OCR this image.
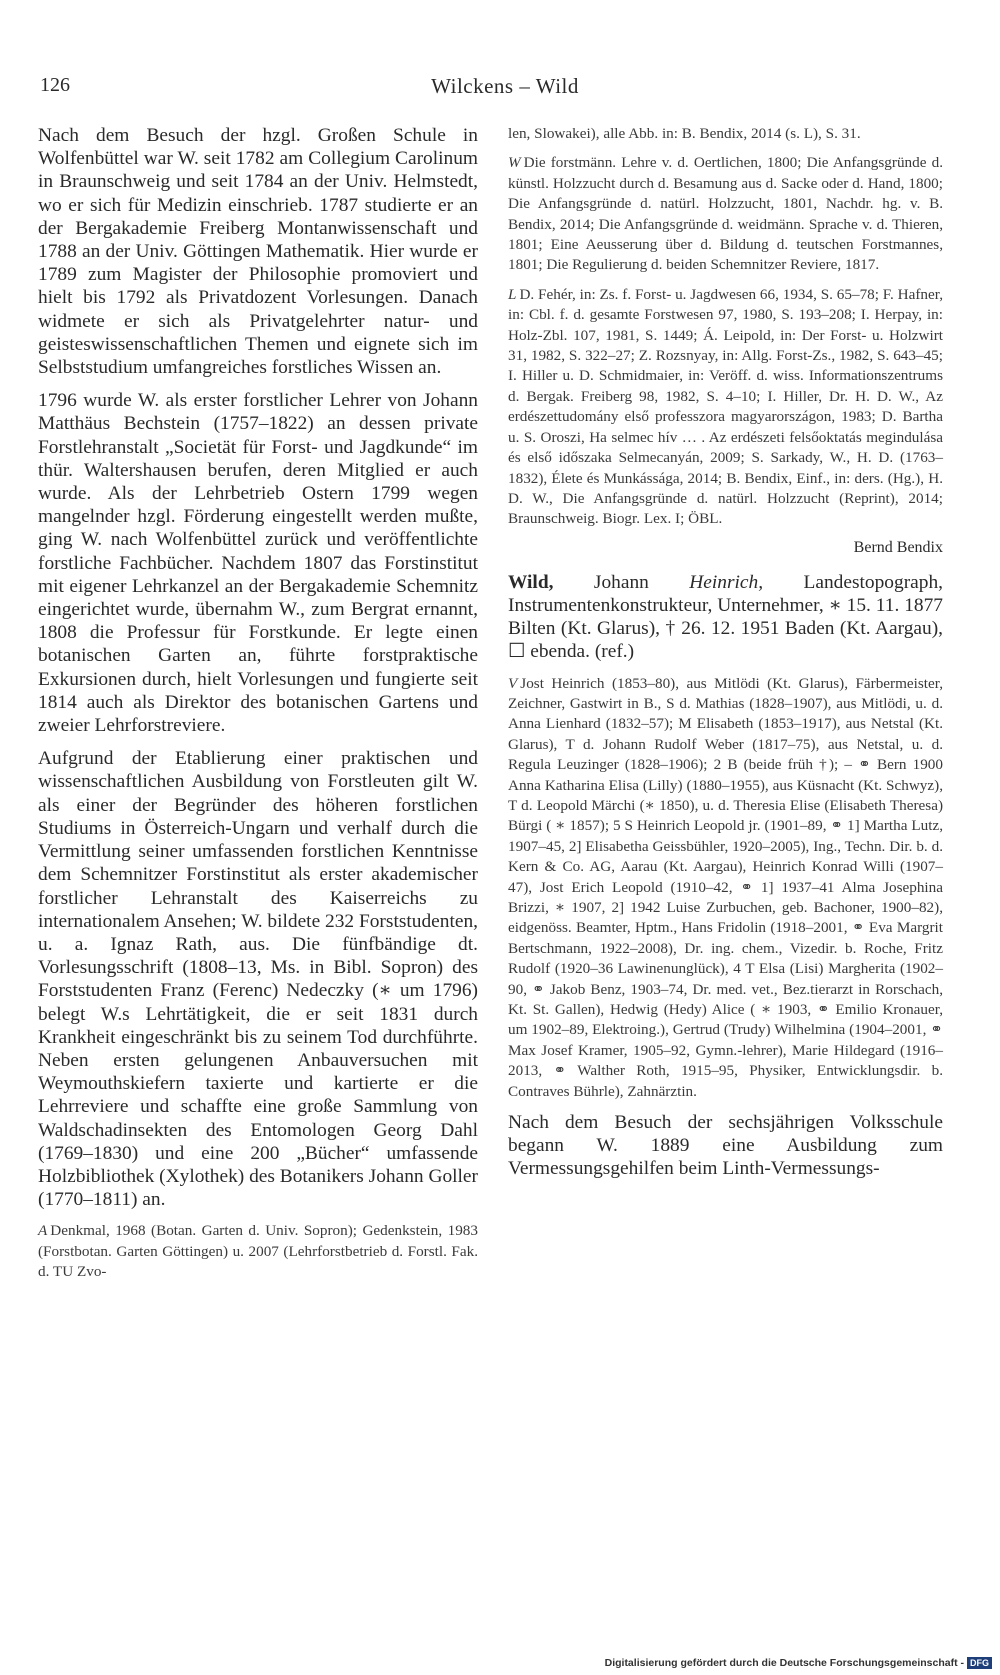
126	Wilckens – Wild

Nach dem Besuch der hzgl. Großen Schule in Wolfenbüttel war W. seit 1782 am Collegium Carolinum in Braunschweig und seit 1784 an der Univ. Helmstedt, wo er sich für Medizin einschrieb. 1787 studierte er an der Bergakademie Freiberg Montanwissenschaft und 1788 an der Univ. Göttingen Mathematik. Hier wurde er 1789 zum Magister der Philosophie promoviert und hielt bis 1792 als Privatdozent Vorlesungen. Danach widmete er sich als Privatgelehrter natur- und geisteswissenschaftlichen Themen und eignete sich im Selbststudium umfangreiches forstliches Wissen an.

1796 wurde W. als erster forstlicher Lehrer von Johann Matthäus Bechstein (1757–1822) an dessen private Forstlehranstalt „Societät für Forst- und Jagdkunde“ im thür. Waltershausen berufen, deren Mitglied er auch wurde. Als der Lehrbetrieb Ostern 1799 wegen mangelnder hzgl. Förderung eingestellt werden mußte, ging W. nach Wolfenbüttel zurück und veröffentlichte forstliche Fachbücher. Nachdem 1807 das Forstinstitut mit eigener Lehrkanzel an der Bergakademie Schemnitz eingerichtet wurde, übernahm W., zum Bergrat ernannt, 1808 die Professur für Forstkunde. Er legte einen botanischen Garten an, führte forstpraktische Exkursionen durch, hielt Vorlesungen und fungierte seit 1814 auch als Direktor des botanischen Gartens und zweier Lehrforstreviere.

Aufgrund der Etablierung einer praktischen und wissenschaftlichen Ausbildung von Forstleuten gilt W. als einer der Begründer des höheren forstlichen Studiums in Österreich-Ungarn und verhalf durch die Vermittlung seiner umfassenden forstlichen Kenntnisse dem Schemnitzer Forstinstitut als erster akademischer forstlicher Lehranstalt des Kaiserreichs zu internationalem Ansehen; W. bildete 232 Forststudenten, u. a. Ignaz Rath, aus. Die fünfbändige dt. Vorlesungsschrift (1808–13, Ms. in Bibl. Sopron) des Forststudenten Franz (Ferenc) Nedeczky (∗ um 1796) belegt W.s Lehrtätigkeit, die er seit 1831 durch Krankheit eingeschränkt bis zu seinem Tod durchführte. Neben ersten gelungenen Anbauversuchen mit Weymouthskiefern taxierte und kartierte er die Lehrreviere und schaffte eine große Sammlung von Waldschadinsekten des Entomologen Georg Dahl (1769–1830) und eine 200 „Bücher“ umfassende Holzbibliothek (Xylothek) des Botanikers Johann Goller (1770–1811) an.

A Denkmal, 1968 (Botan. Garten d. Univ. Sopron); Gedenkstein, 1983 (Forstbotan. Garten Göttingen) u. 2007 (Lehrforstbetrieb d. Forstl. Fak. d. TU Zvo-

len, Slowakei), alle Abb. in: B. Bendix, 2014 (s. L), S. 31.

W Die forstmänn. Lehre v. d. Oertlichen, 1800; Die Anfangsgründe d. künstl. Holzzucht durch d. Besamung aus d. Sacke oder d. Hand, 1800; Die Anfangsgründe d. natürl. Holzzucht, 1801, Nachdr. hg. v. B. Bendix, 2014; Die Anfangsgründe d. weidmänn. Sprache v. d. Thieren, 1801; Eine Aeusserung über d. Bildung d. teutschen Forstmannes, 1801; Die Regulierung d. beiden Schemnitzer Reviere, 1817.

L D. Fehér, in: Zs. f. Forst- u. Jagdwesen 66, 1934, S. 65–78; F. Hafner, in: Cbl. f. d. gesamte Forstwesen 97, 1980, S. 193–208; I. Herpay, in: Holz-Zbl. 107, 1981, S. 1449; Á. Leipold, in: Der Forst- u. Holzwirt 31, 1982, S. 322–27; Z. Rozsnyay, in: Allg. Forst-Zs., 1982, S. 643–45; I. Hiller u. D. Schmidmaier, in: Veröff. d. wiss. Informationszentrums d. Bergak. Freiberg 98, 1982, S. 4–10; I. Hiller, Dr. H. D. W., Az erdészettudomány első professzora magyarországon, 1983; D. Bartha u. S. Oroszi, Ha selmec hív … . Az erdészeti felsőoktatás megindulása és első időszaka Selmecanyán, 2009; S. Sarkady, W., H. D. (1763–1832), Élete és Munkássága, 2014; B. Bendix, Einf., in: ders. (Hg.), H. D. W., Die Anfangsgründe d. natürl. Holzzucht (Reprint), 2014; Braunschweig. Biogr. Lex. I; ÖBL.

Bernd Bendix

Wild, Johann Heinrich, Landestopograph, Instrumentenkonstrukteur, Unternehmer, ∗ 15. 11. 1877 Bilten (Kt. Glarus), † 26. 12. 1951 Baden (Kt. Aargau), ☐ ebenda. (ref.)

V Jost Heinrich (1853–80), aus Mitlödi (Kt. Glarus), Färbermeister, Zeichner, Gastwirt in B., S d. Mathias (1828–1907), aus Mitlödi, u. d. Anna Lienhard (1832–57); M Elisabeth (1853–1917), aus Netstal (Kt. Glarus), T d. Johann Rudolf Weber (1817–75), aus Netstal, u. d. Regula Leuzinger (1828–1906); 2 B (beide früh †); – ⚭ Bern 1900 Anna Katharina Elisa (Lilly) (1880–1955), aus Küsnacht (Kt. Schwyz), T d. Leopold Märchi (∗ 1850), u. d. Theresia Elise (Elisabeth Theresa) Bürgi ( ∗ 1857); 5 S Heinrich Leopold jr. (1901–89, ⚭ 1] Martha Lutz, 1907–45, 2] Elisabetha Geissbühler, 1920–2005), Ing., Techn. Dir. b. d. Kern & Co. AG, Aarau (Kt. Aargau), Heinrich Konrad Willi (1907–47), Jost Erich Leopold (1910–42, ⚭ 1] 1937–41 Alma Josephina Brizzi, ∗ 1907, 2] 1942 Luise Zurbuchen, geb. Bachoner, 1900–82), eidgenöss. Beamter, Hptm., Hans Fridolin (1918–2001, ⚭ Eva Margrit Bertschmann, 1922–2008), Dr. ing. chem., Vizedir. b. Roche, Fritz Rudolf (1920–36 Lawinenunglück), 4 T Elsa (Lisi) Margherita (1902–90, ⚭ Jakob Benz, 1903–74, Dr. med. vet., Bez.tierarzt in Rorschach, Kt. St. Gallen), Hedwig (Hedy) Alice ( ∗ 1903, ⚭ Emilio Kronauer, um 1902–89, Elektroing.), Gertrud (Trudy) Wilhelmina (1904–2001, ⚭ Max Josef Kramer, 1905–92, Gymn.-lehrer), Marie Hildegard (1916–2013, ⚭ Walther Roth, 1915–95, Physiker, Entwicklungsdir. b. Contraves Bührle), Zahnärztin.

Nach dem Besuch der sechsjährigen Volksschule begann W. 1889 eine Ausbildung zum Vermessungsgehilfen beim Linth-Vermessungs-

Digitalisierung gefördert durch die Deutsche Forschungsgemeinschaft - DFG
